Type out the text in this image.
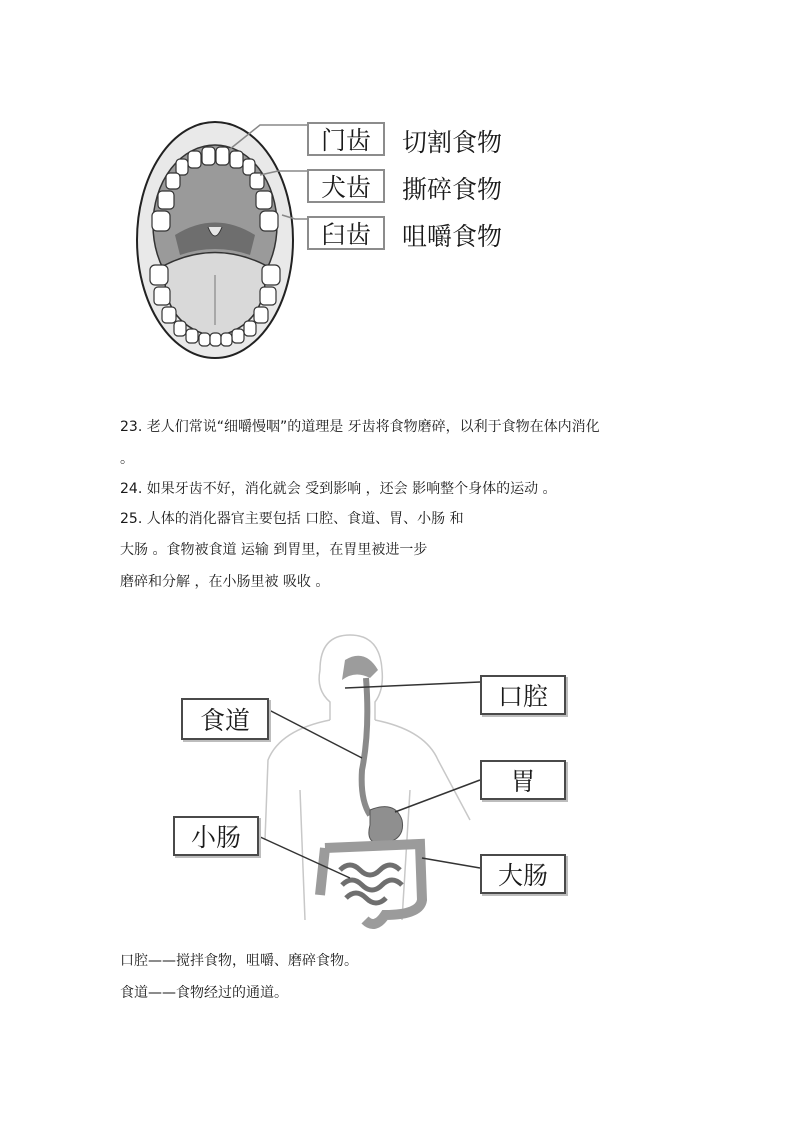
门齿 切割食物
犬齿 撕碎食物
臼齿 咀嚼食物
23. 老人们常说“细嚼慢咽”的道理是 牙齿将食物磨碎，以利于食物在体内消化
。
24. 如果牙齿不好，消化就会 受到影响 ，还会 影响整个身体的运动 。
25. 人体的消化器官主要包括 口腔、食道、胃、小肠 和
大肠 。食物被食道 运输 到胃里，在胃里被进一步
磨碎和分解 ，在小肠里被 吸收 。
口腔
食道
胃
小肠
大肠
口腔——搅拌食物，咀嚼、磨碎食物。
食道——食物经过的通道。
